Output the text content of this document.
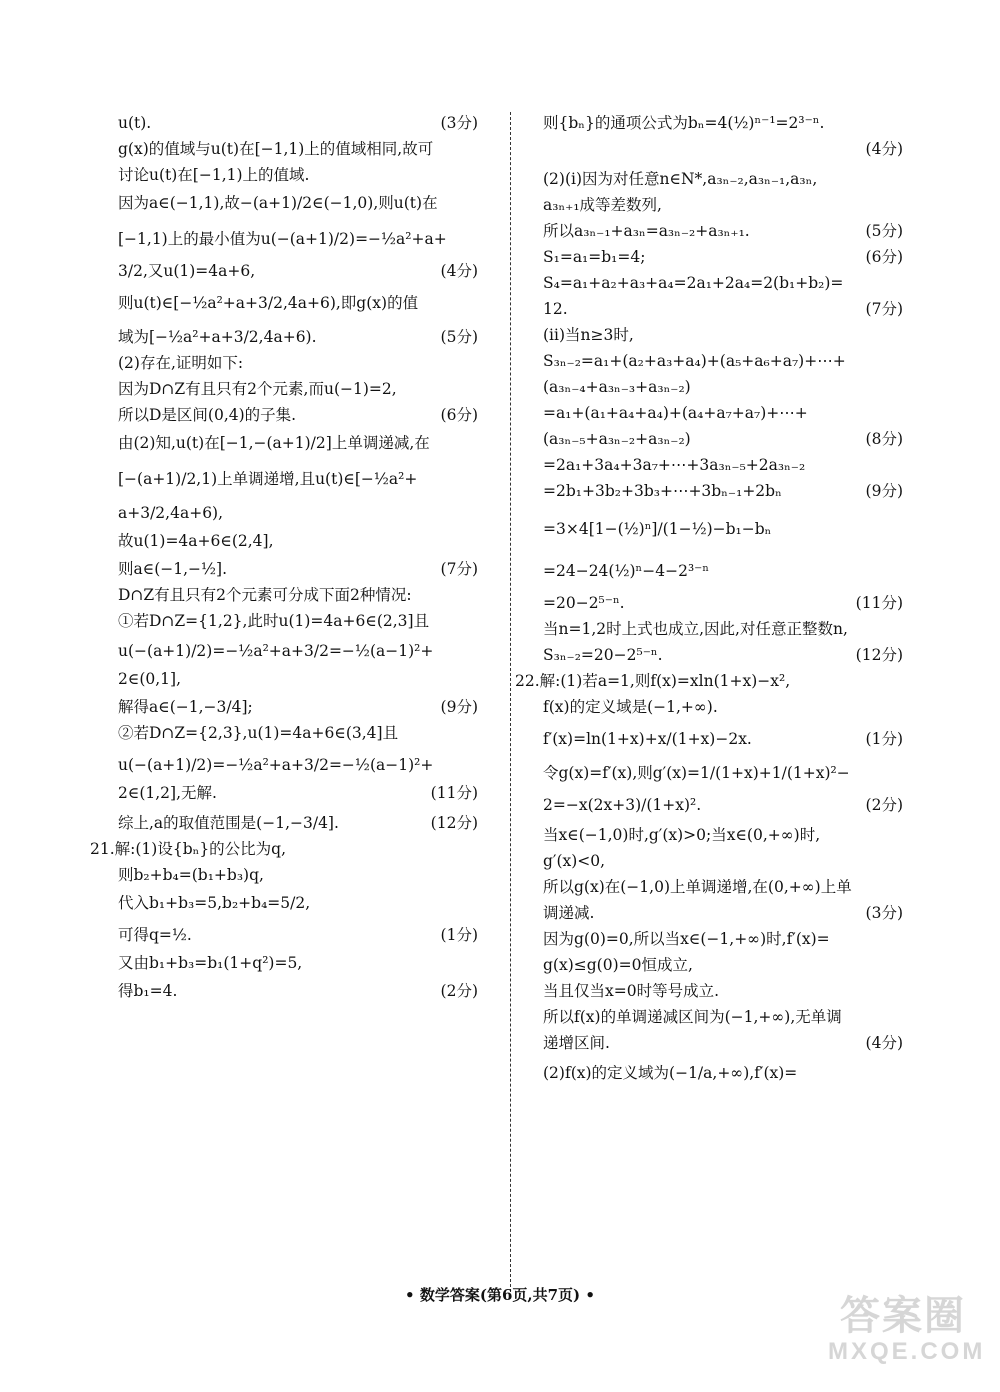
u(t).	(3分)
g(x)的值域与u(t)在[−1,1)上的值域相同,故可
讨论u(t)在[−1,1)上的值域.
因为a∈(−1,1),故−(a+1)/2∈(−1,0),则u(t)在
[−1,1)上的最小值为u(−(a+1)/2)=−½a²+a+
3/2,又u(1)=4a+6,	(4分)
则u(t)∈[−½a²+a+3/2,4a+6),即g(x)的值
域为[−½a²+a+3/2,4a+6).	(5分)
(2)存在,证明如下:
因为D∩Z有且只有2个元素,而u(−1)=2,
所以D是区间(0,4)的子集.	(6分)
由(2)知,u(t)在[−1,−(a+1)/2]上单调递减,在
[−(a+1)/2,1)上单调递增,且u(t)∈[−½a²+
a+3/2,4a+6),
故u(1)=4a+6∈(2,4],
则a∈(−1,−½].	(7分)
D∩Z有且只有2个元素可分成下面2种情况:
①若D∩Z={1,2},此时u(1)=4a+6∈(2,3]且
u(−(a+1)/2)=−½a²+a+3/2=−½(a−1)²+
2∈(0,1],
解得a∈(−1,−3/4];	(9分)
②若D∩Z={2,3},u(1)=4a+6∈(3,4]且
u(−(a+1)/2)=−½a²+a+3/2=−½(a−1)²+
2∈(1,2],无解.	(11分)
综上,a的取值范围是(−1,−3/4].	(12分)
21.解:(1)设{bₙ}的公比为q,
则b₂+b₄=(b₁+b₃)q,
代入b₁+b₃=5,b₂+b₄=5/2,
可得q=½.	(1分)
又由b₁+b₃=b₁(1+q²)=5,
得b₁=4.	(2分)
则{bₙ}的通项公式为bₙ=4(½)ⁿ⁻¹=2³⁻ⁿ.
(4分)
(2)(ⅰ)因为对任意n∈N*,a₃ₙ₋₂,a₃ₙ₋₁,a₃ₙ,
a₃ₙ₊₁成等差数列,
所以a₃ₙ₋₁+a₃ₙ=a₃ₙ₋₂+a₃ₙ₊₁.	(5分)
S₁=a₁=b₁=4;	(6分)
S₄=a₁+a₂+a₃+a₄=2a₁+2a₄=2(b₁+b₂)=
12.	(7分)
(ⅱ)当n≥3时,
S₃ₙ₋₂=a₁+(a₂+a₃+a₄)+(a₅+a₆+a₇)+⋯+
(a₃ₙ₋₄+a₃ₙ₋₃+a₃ₙ₋₂)
=a₁+(a₁+a₄+a₄)+(a₄+a₇+a₇)+⋯+
(a₃ₙ₋₅+a₃ₙ₋₂+a₃ₙ₋₂)	(8分)
=2a₁+3a₄+3a₇+⋯+3a₃ₙ₋₅+2a₃ₙ₋₂
=2b₁+3b₂+3b₃+⋯+3bₙ₋₁+2bₙ	(9分)
=3×4[1−(½)ⁿ]/(1−½)−b₁−bₙ
=24−24(½)ⁿ−4−2³⁻ⁿ
=20−2⁵⁻ⁿ.	(11分)
当n=1,2时上式也成立,因此,对任意正整数n,
S₃ₙ₋₂=20−2⁵⁻ⁿ.	(12分)
22.解:(1)若a=1,则f(x)=xln(1+x)−x²,
f(x)的定义域是(−1,+∞).
f′(x)=ln(1+x)+x/(1+x)−2x.	(1分)
令g(x)=f′(x),则g′(x)=1/(1+x)+1/(1+x)²−
2=−x(2x+3)/(1+x)².	(2分)
当x∈(−1,0)时,g′(x)>0;当x∈(0,+∞)时,
g′(x)<0,
所以g(x)在(−1,0)上单调递增,在(0,+∞)上单
调递减.	(3分)
因为g(0)=0,所以当x∈(−1,+∞)时,f′(x)=
g(x)≤g(0)=0恒成立,
当且仅当x=0时等号成立.
所以f(x)的单调递减区间为(−1,+∞),无单调
递增区间.	(4分)
(2)f(x)的定义域为(−1/a,+∞),f′(x)=
• 数学答案(第6页,共7页) •	答案圈
MXQE.COM
